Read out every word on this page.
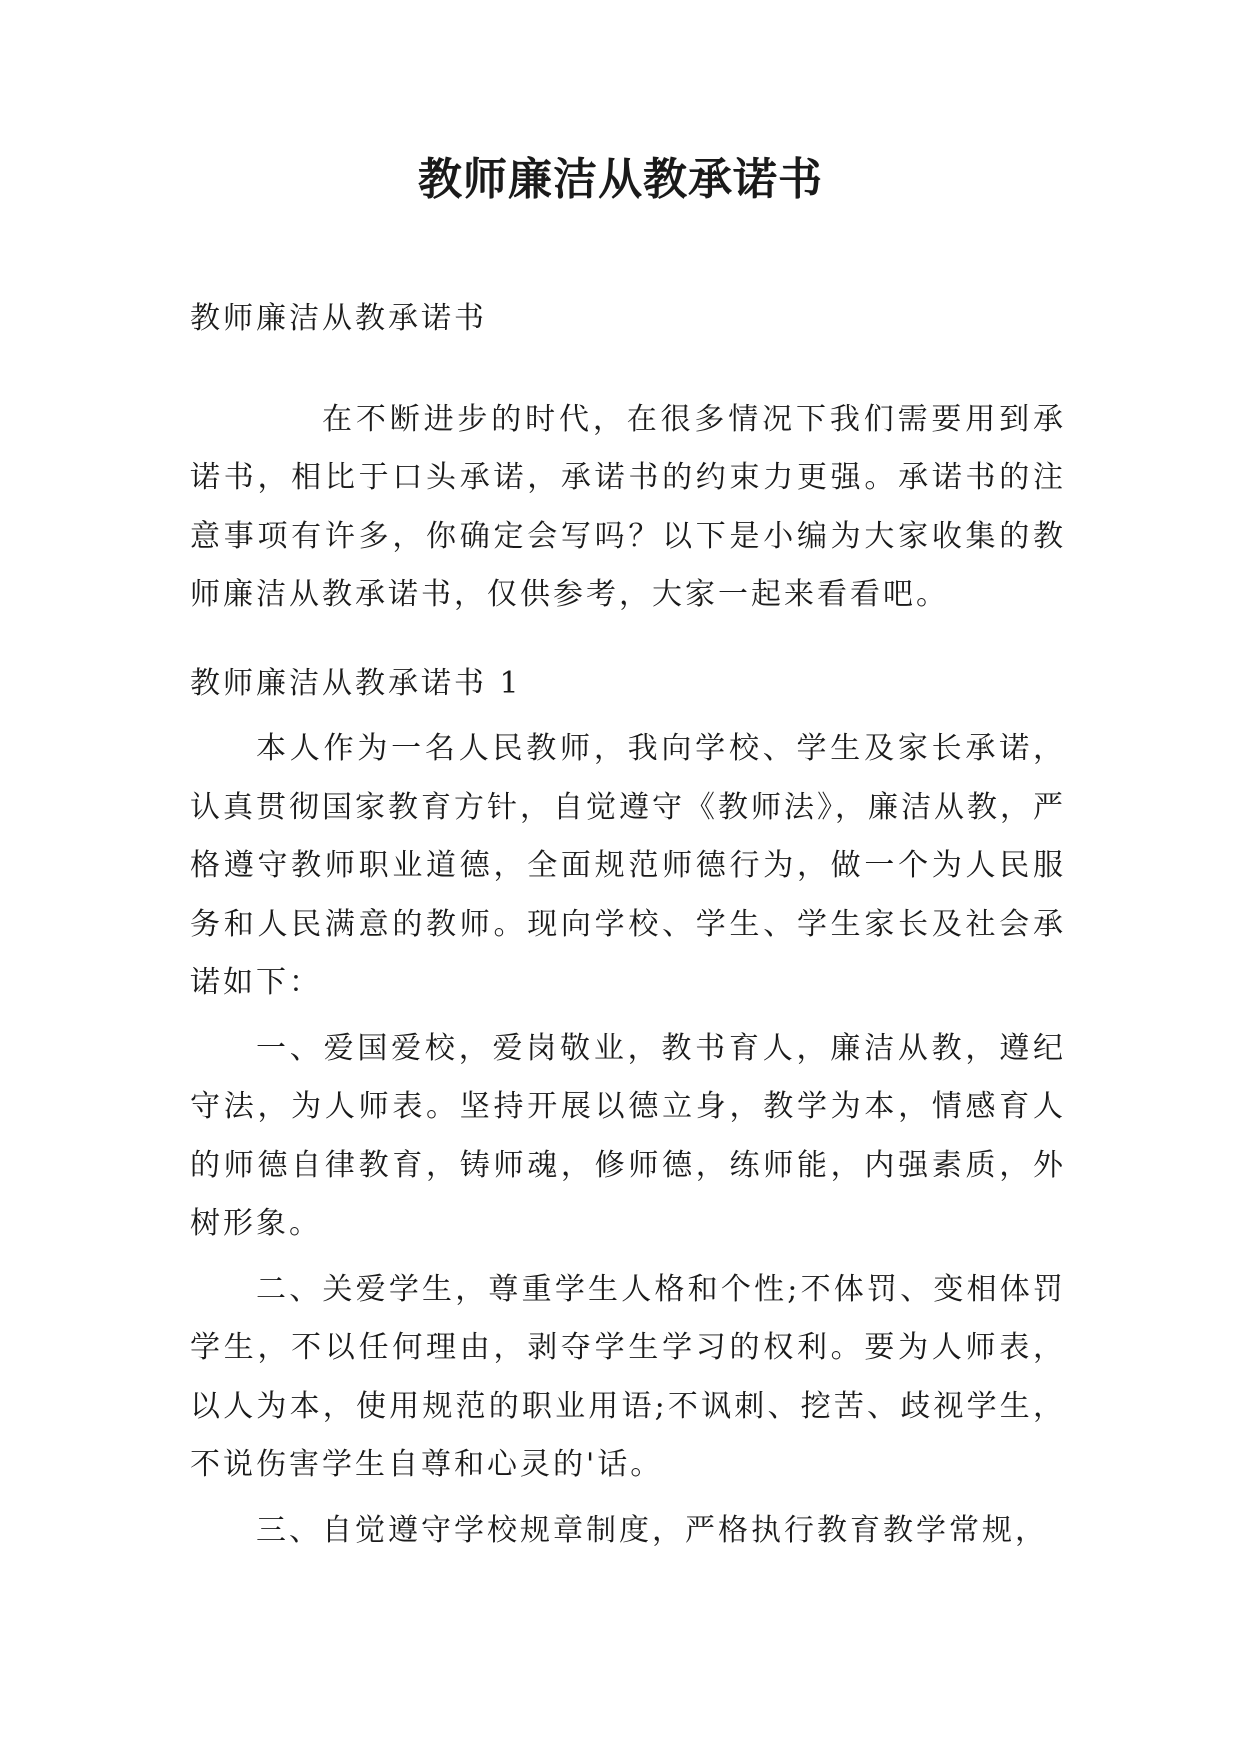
教师廉洁从教承诺书

教师廉洁从教承诺书

在不断进步的时代，在很多情况下我们需要用到承诺书，相比于口头承诺，承诺书的约束力更强。承诺书的注意事项有许多，你确定会写吗？以下是小编为大家收集的教师廉洁从教承诺书，仅供参考，大家一起来看看吧。

教师廉洁从教承诺书 1

本人作为一名人民教师，我向学校、学生及家长承诺，认真贯彻国家教育方针，自觉遵守《教师法》，廉洁从教，严格遵守教师职业道德，全面规范师德行为，做一个为人民服务和人民满意的教师。现向学校、学生、学生家长及社会承诺如下：

一、爱国爱校，爱岗敬业，教书育人，廉洁从教，遵纪守法，为人师表。坚持开展以德立身，教学为本，情感育人的师德自律教育，铸师魂，修师德，练师能，内强素质，外树形象。

二、关爱学生，尊重学生人格和个性;不体罚、变相体罚学生，不以任何理由，剥夺学生学习的权利。要为人师表，以人为本，使用规范的职业用语;不讽刺、挖苦、歧视学生，不说伤害学生自尊和心灵的'话。

三、自觉遵守学校规章制度，严格执行教育教学常规，
